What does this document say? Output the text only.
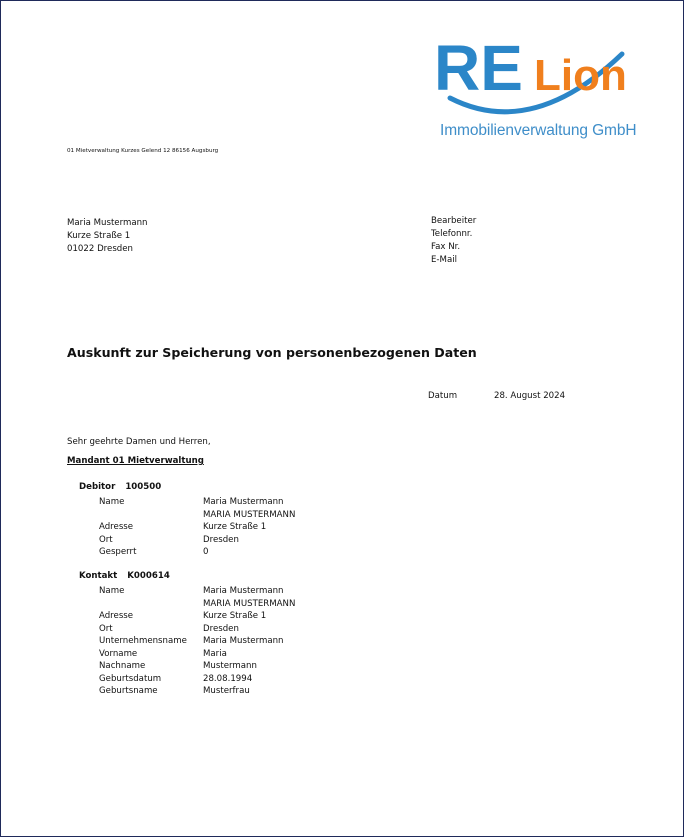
RE Lion
Immobilienverwaltung GmbH
01 Mietverwaltung Kurzes Gelend 12 86156 Augsburg
Maria Mustermann
Kurze Straße 1
01022 Dresden
Bearbeiter
Telefonnr.
Fax Nr.
E-Mail
Auskunft zur Speicherung von personenbezogenen Daten
Datum	28. August 2024
Sehr geehrte Damen und Herren,
Mandant 01 Mietverwaltung
Debitor 100500
Name	Maria Mustermann
MARIA MUSTERMANN
Adresse	Kurze Straße 1
Ort	Dresden
Gesperrt	0
Kontakt K000614
Name	Maria Mustermann
MARIA MUSTERMANN
Adresse	Kurze Straße 1
Ort	Dresden
Unternehmensname Maria Mustermann
Vorname	Maria
Nachname	Mustermann
Geburtsdatum	28.08.1994
Geburtsname	Musterfrau
